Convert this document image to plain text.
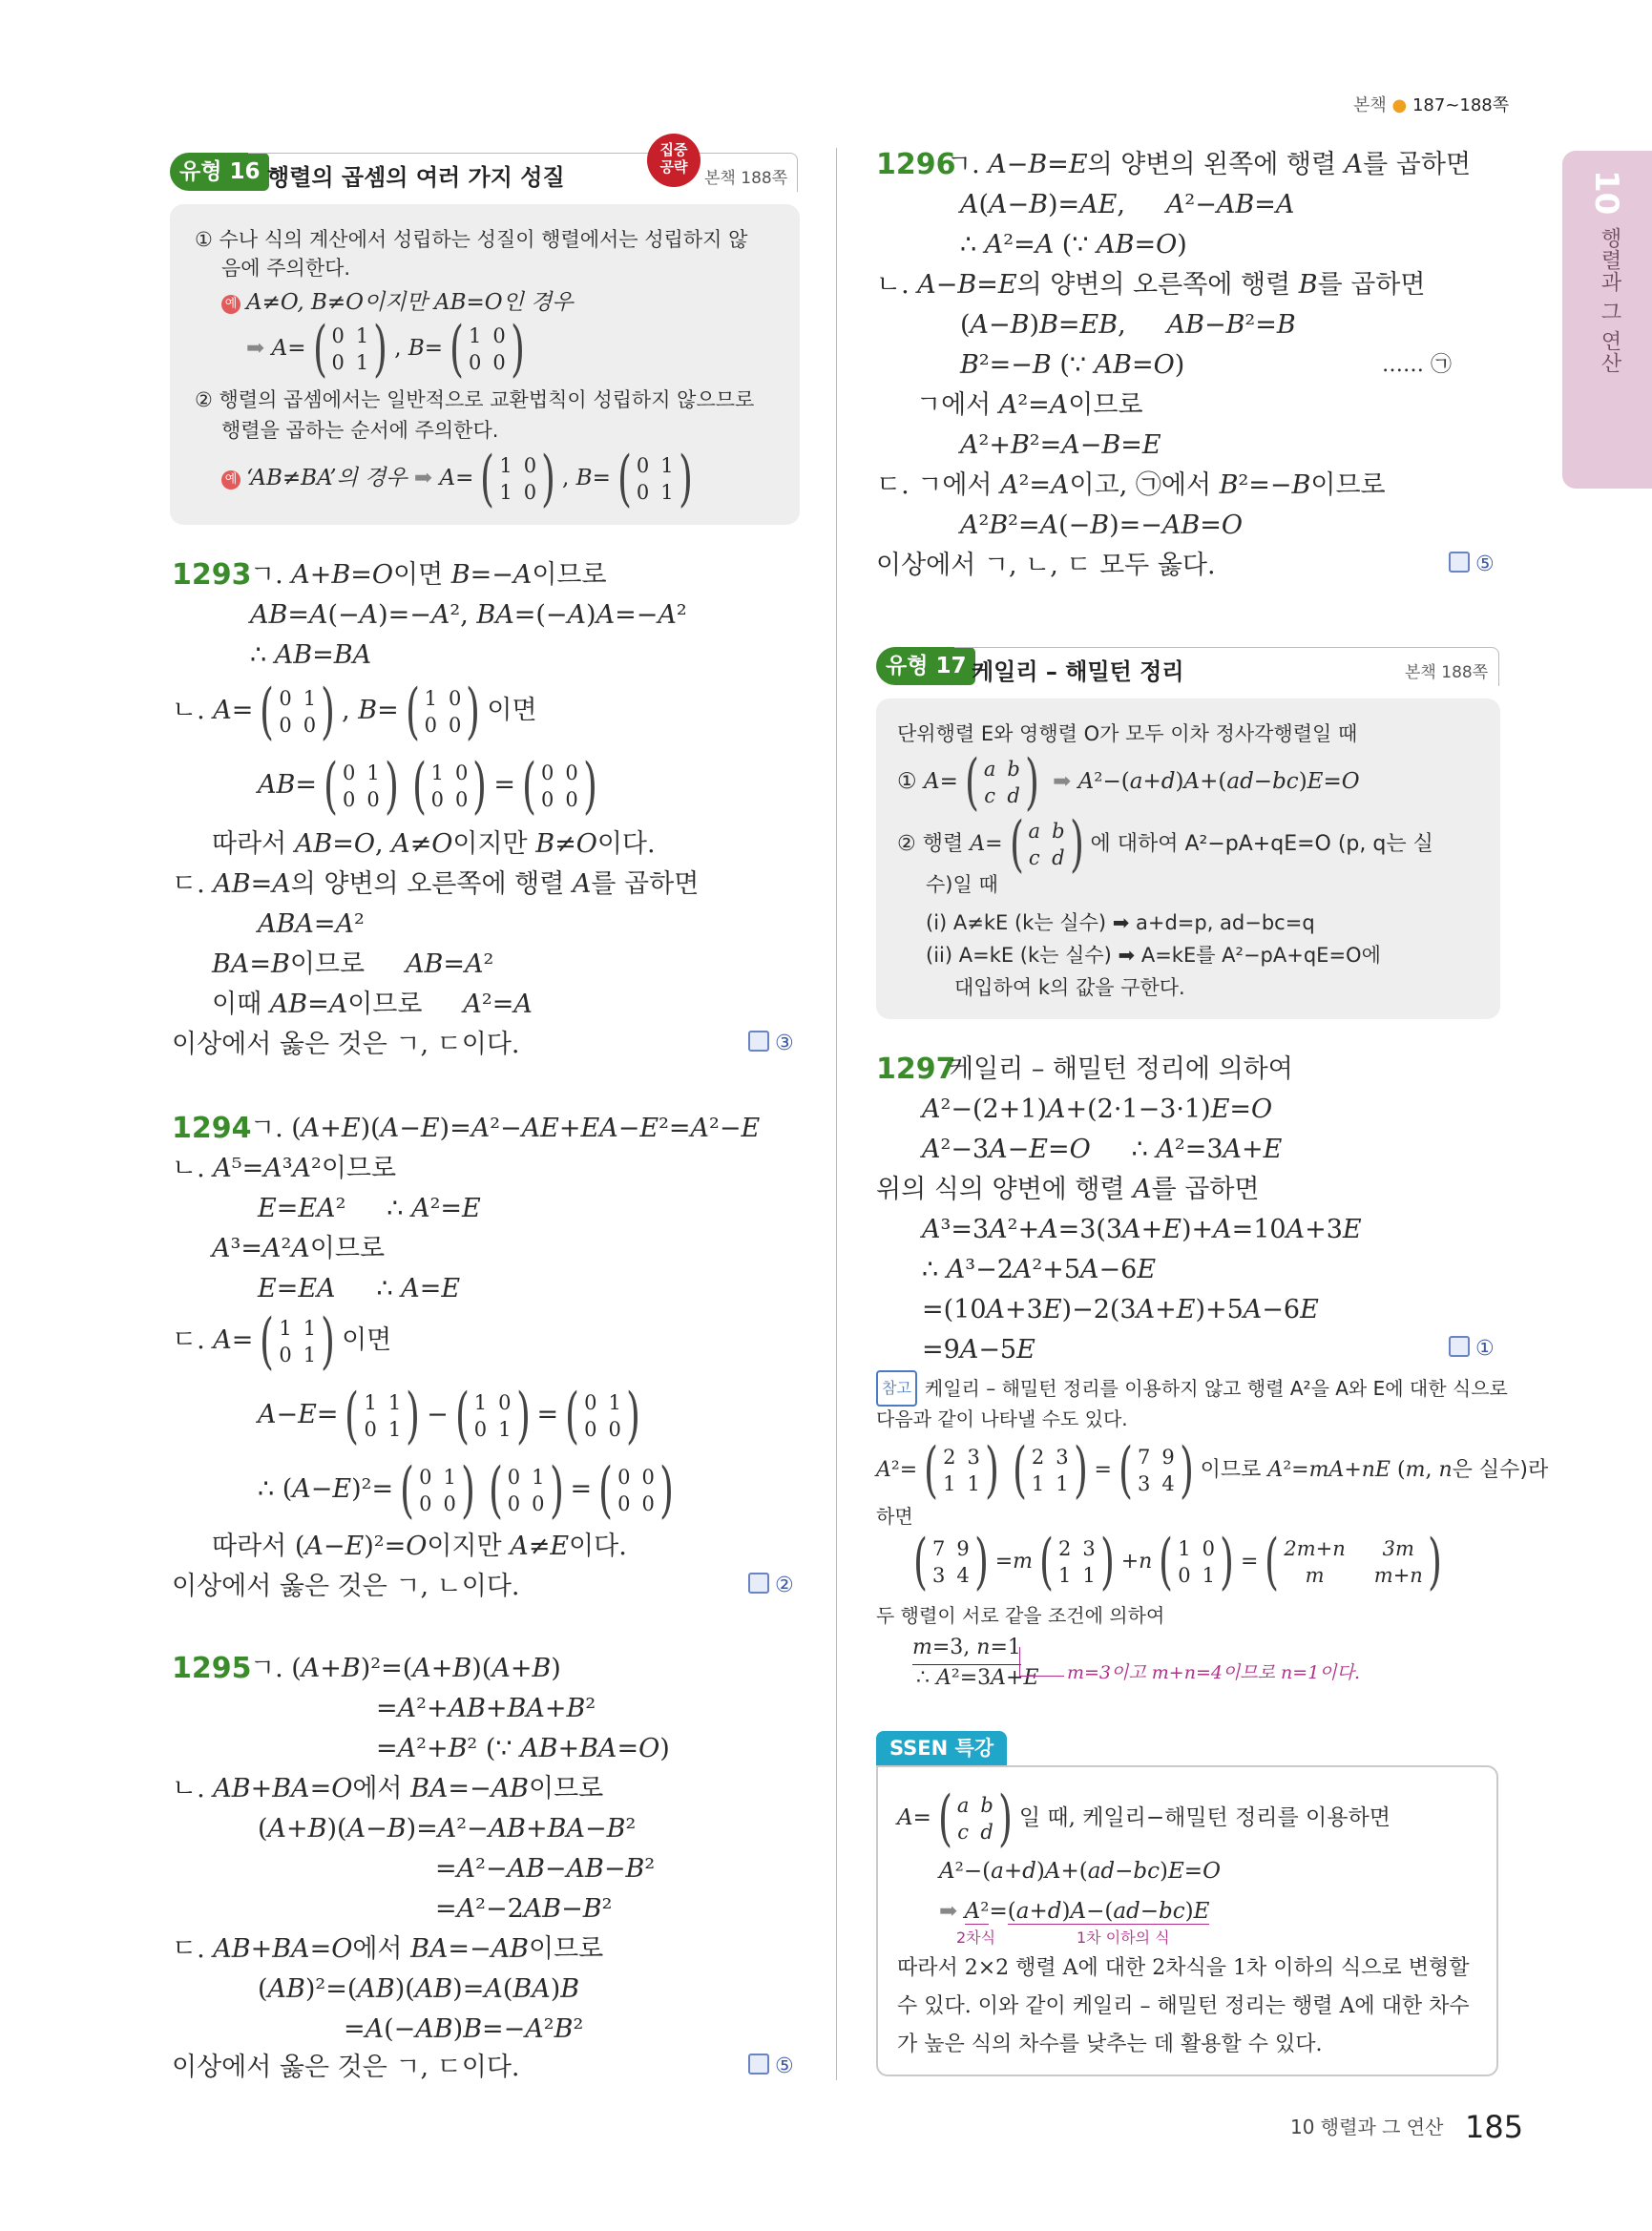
본책 ● 187~188쪽
10
행렬과 그 연산
유형 16 행렬의 곱셈의 여러 가지 성질
집중
공략
본책 188쪽
① 수나 식의 계산에서 성립하는 성질이 행렬에서는 성립하지 않
음에 주의한다.
예 A≠O, B≠O이지만 AB=O인 경우
➡ A= ( 0 1
0 1 ) , B= ( 1 0
0 0 )
② 행렬의 곱셈에서는 일반적으로 교환법칙이 성립하지 않으므로
행렬을 곱하는 순서에 주의한다.
예 ‘AB≠BA’의 경우 ➡ A= ( 1 0
1 0 ) , B= ( 0 1
0 1 )
1293
ㄱ. A+B=O이면 B=−A이므로
AB=A(−A)=−A², BA=(−A)A=−A²
∴ AB=BA
ㄴ. A= ( 0 1
0 0 ) , B= ( 1 0
0 0 ) 이면
AB= ( 0 1
0 0 ) ( 1 0
0 0 ) = ( 0 0
0 0 )
따라서 AB=O, A≠O이지만 B≠O이다.
ㄷ. AB=A의 양변의 오른쪽에 행렬 A를 곱하면
ABA=A²
BA=B이므로     AB=A²
이때 AB=A이므로     A²=A
이상에서 옳은 것은 ㄱ, ㄷ이다.	③
1294
ㄱ. (A+E)(A−E)=A²−AE+EA−E²=A²−E
ㄴ. A⁵=A³A²이므로
E=EA²     ∴ A²=E
A³=A²A이므로
E=EA     ∴ A=E
ㄷ. A= ( 1 1
0 1 ) 이면
A−E= ( 1 1
0 1 ) − ( 1 0
0 1 ) = ( 0 1
0 0 )
∴ (A−E)²= ( 0 1
0 0 ) ( 0 1
0 0 ) = ( 0 0
0 0 )
따라서 (A−E)²=O이지만 A≠E이다.
이상에서 옳은 것은 ㄱ, ㄴ이다.	②
1295
ㄱ. (A+B)²=(A+B)(A+B)
=A²+AB+BA+B²
=A²+B² (∵ AB+BA=O)
ㄴ. AB+BA=O에서 BA=−AB이므로
(A+B)(A−B)=A²−AB+BA−B²
=A²−AB−AB−B²
=A²−2AB−B²
ㄷ. AB+BA=O에서 BA=−AB이므로
(AB)²=(AB)(AB)=A(BA)B
=A(−AB)B=−A²B²
이상에서 옳은 것은 ㄱ, ㄷ이다.	⑤
1296
ㄱ. A−B=E의 양변의 왼쪽에 행렬 A를 곱하면
A(A−B)=AE,     A²−AB=A
∴ A²=A (∵ AB=O)
ㄴ. A−B=E의 양변의 오른쪽에 행렬 B를 곱하면
(A−B)B=EB,     AB−B²=B
B²=−B (∵ AB=O)	…… ㉠
ㄱ에서 A²=A이므로
A²+B²=A−B=E
ㄷ. ㄱ에서 A²=A이고, ㉠에서 B²=−B이므로
A²B²=A(−B)=−AB=O
이상에서 ㄱ, ㄴ, ㄷ 모두 옳다.	⑤
유형 17 케일리 – 해밀턴 정리	본책 188쪽
단위행렬 E와 영행렬 O가 모두 이차 정사각행렬일 때
① A= ( a b
c d ) ➡ A²−(a+d)A+(ad−bc)E=O
② 행렬 A= ( a b
c d ) 에 대하여 A²−pA+qE=O (p, q는 실
수)일 때
(i) A≠kE (k는 실수) ➡ a+d=p, ad−bc=q
(ii) A=kE (k는 실수) ➡ A=kE를 A²−pA+qE=O에
대입하여 k의 값을 구한다.
1297
케일리 – 해밀턴 정리에 의하여
A²−(2+1)A+(2·1−3·1)E=O
A²−3A−E=O     ∴ A²=3A+E
위의 식의 양변에 행렬 A를 곱하면
A³=3A²+A=3(3A+E)+A=10A+3E
∴ A³−2A²+5A−6E
=(10A+3E)−2(3A+E)+5A−6E
=9A−5E	①
참고 케일리 – 해밀턴 정리를 이용하지 않고 행렬 A²을 A와 E에 대한 식으로
다음과 같이 나타낼 수도 있다.
A²= ( 2 3
1 1 ) ( 2 3
1 1 ) = ( 7 9
3 4 ) 이므로 A²=mA+nE (m, n은 실수)라
하면
( 7 9
3 4 ) =m ( 2 3
1 1 ) +n ( 1 0
0 1 ) = ( 2m+n	3m
m	m+n )
두 행렬이 서로 같을 조건에 의하여
m=3, n=1
∴ A²=3A+E m=3이고 m+n=4이므로 n=1이다.
SSEN 특강
A= ( a b
c d ) 일 때, 케일리−해밀턴 정리를 이용하면
A²−(a+d)A+(ad−bc)E=O
➡ A²=(a+d)A−(ad−bc)E
2차식	1차 이하의 식
따라서 2×2 행렬 A에 대한 2차식을 1차 이하의 식으로 변형할
수 있다. 이와 같이 케일리 – 해밀턴 정리는 행렬 A에 대한 차수
가 높은 식의 차수를 낮추는 데 활용할 수 있다.
10 행렬과 그 연산 185
